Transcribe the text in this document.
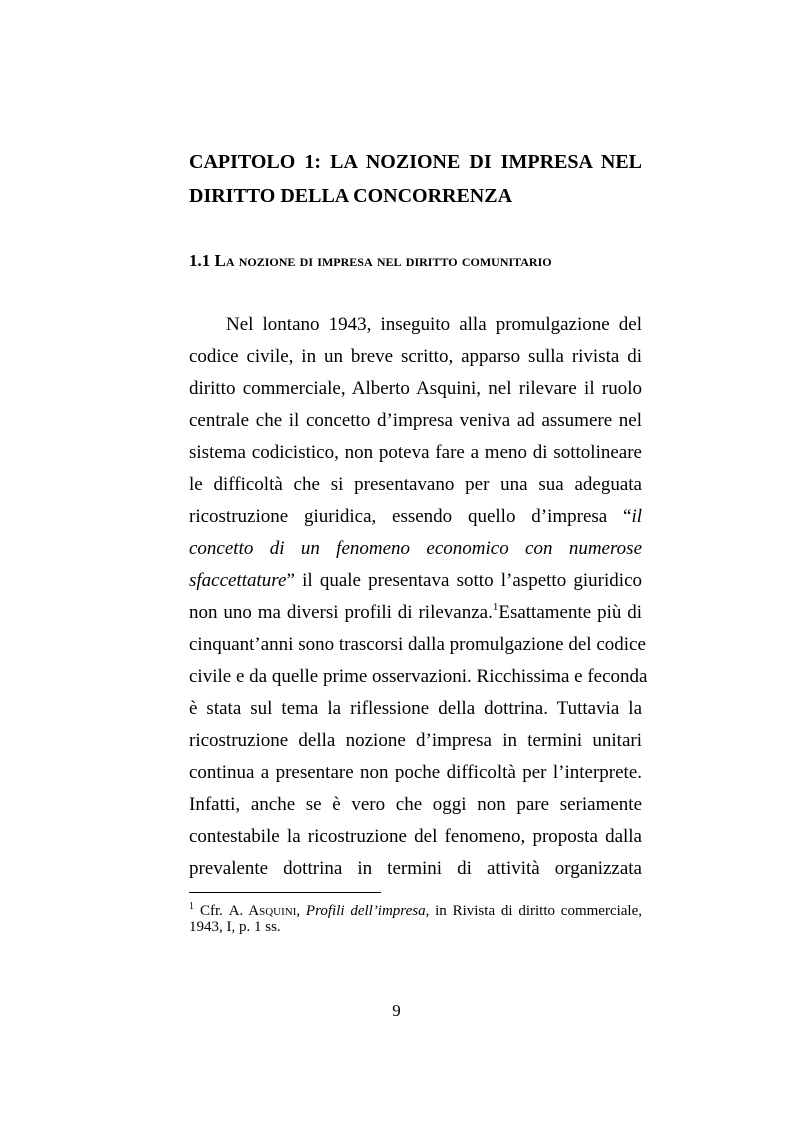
CAPITOLO 1: LA NOZIONE DI IMPRESA NEL
DIRITTO DELLA CONCORRENZA
1.1 La nozione di impresa nel diritto comunitario
Nel lontano 1943, inseguito alla promulgazione del
codice civile, in un breve scritto, apparso sulla rivista di
diritto commerciale, Alberto Asquini, nel rilevare il ruolo
centrale che il concetto d’impresa veniva ad assumere nel
sistema codicistico, non poteva fare a meno di sottolineare
le difficoltà che si presentavano per una sua adeguata
ricostruzione giuridica, essendo quello d’impresa “il
concetto di un fenomeno economico con numerose
sfaccettature” il quale presentava sotto l’aspetto giuridico
non uno ma diversi profili di rilevanza.$^1$Esattamente più di
cinquant’anni sono trascorsi dalla promulgazione del codice
civile e da quelle prime osservazioni. Ricchissima e feconda
è stata sul tema la riflessione della dottrina. Tuttavia la
ricostruzione della nozione d’impresa in termini unitari
continua a presentare non poche difficoltà per l’interprete.
Infatti, anche se è vero che oggi non pare seriamente
contestabile la ricostruzione del fenomeno, proposta dalla
prevalente dottrina in termini di attività organizzata
$^1$ Cfr. A. Asquini, Profili dell’impresa, in Rivista di diritto commerciale,
1943, I, p. 1 ss.
9
